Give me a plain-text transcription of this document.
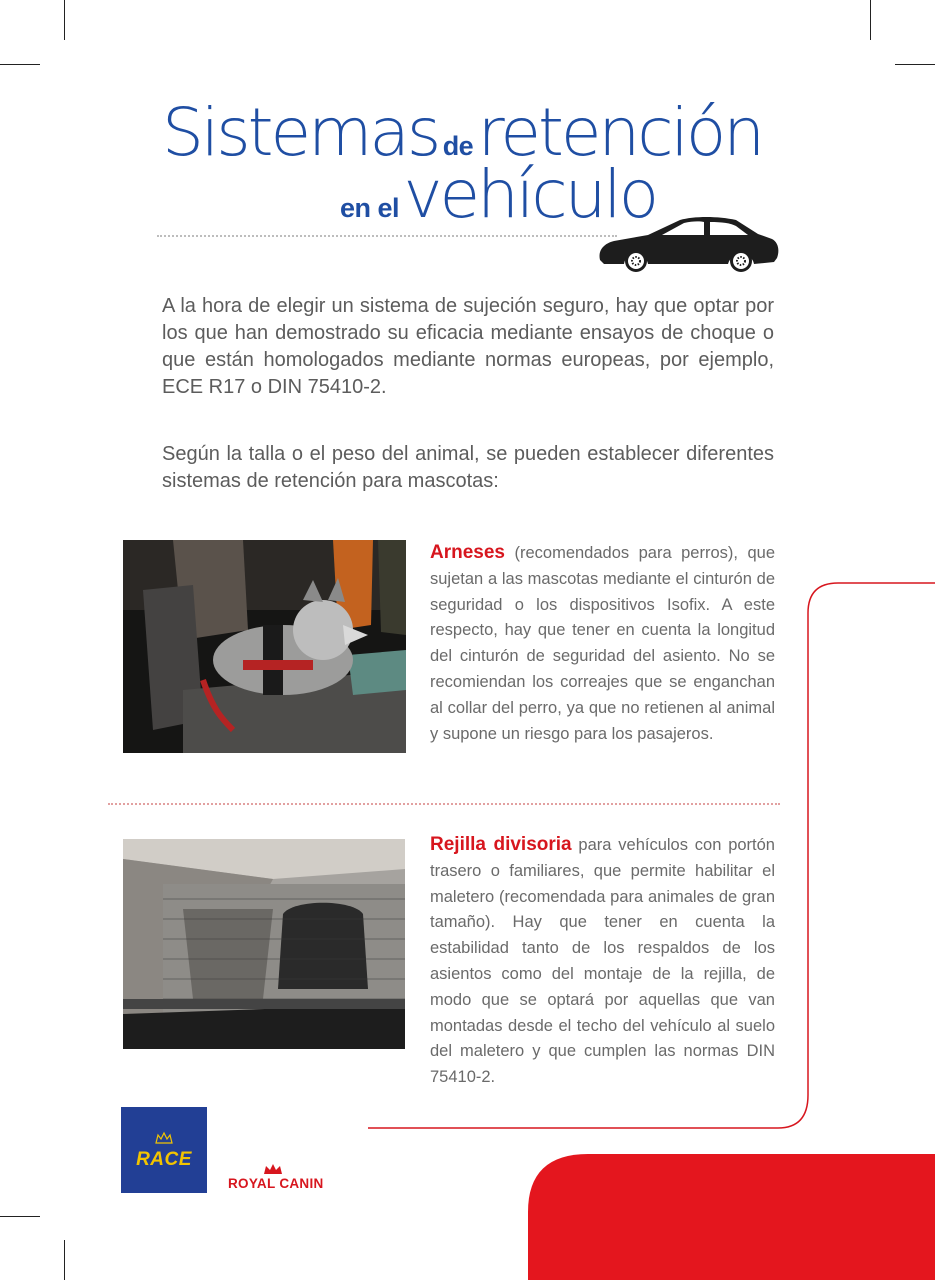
Sistemas de retención
en el vehículo

A la hora de elegir un sistema de sujeción seguro, hay que optar por los que han demostrado su eficacia mediante ensayos de choque o que están homologados mediante normas europeas, por ejemplo, ECE R17 o DIN 75410-2.

Según la talla o el peso del animal, se pueden establecer diferentes sistemas de retención para mascotas:

Arneses (recomendados para perros), que sujetan a las mascotas mediante el cinturón de seguridad o los dispositivos Isofix. A este respecto, hay que tener en cuenta la longitud del cinturón de seguridad del asiento. No se recomiendan los correajes que se enganchan al collar del perro, ya que no retienen al animal y supone un riesgo para los pasajeros.
Rejilla divisoria para vehículos con portón trasero o familiares, que permite habilitar el maletero (recomendada para animales de gran tamaño). Hay que tener en cuenta la estabilidad tanto de los respaldos de los asientos como del montaje de la rejilla, de modo que se optará por aquellas que van montadas desde el techo del vehículo al suelo del maletero y que cumplen las normas DIN 75410-2.
RACE
ROYAL CANIN
